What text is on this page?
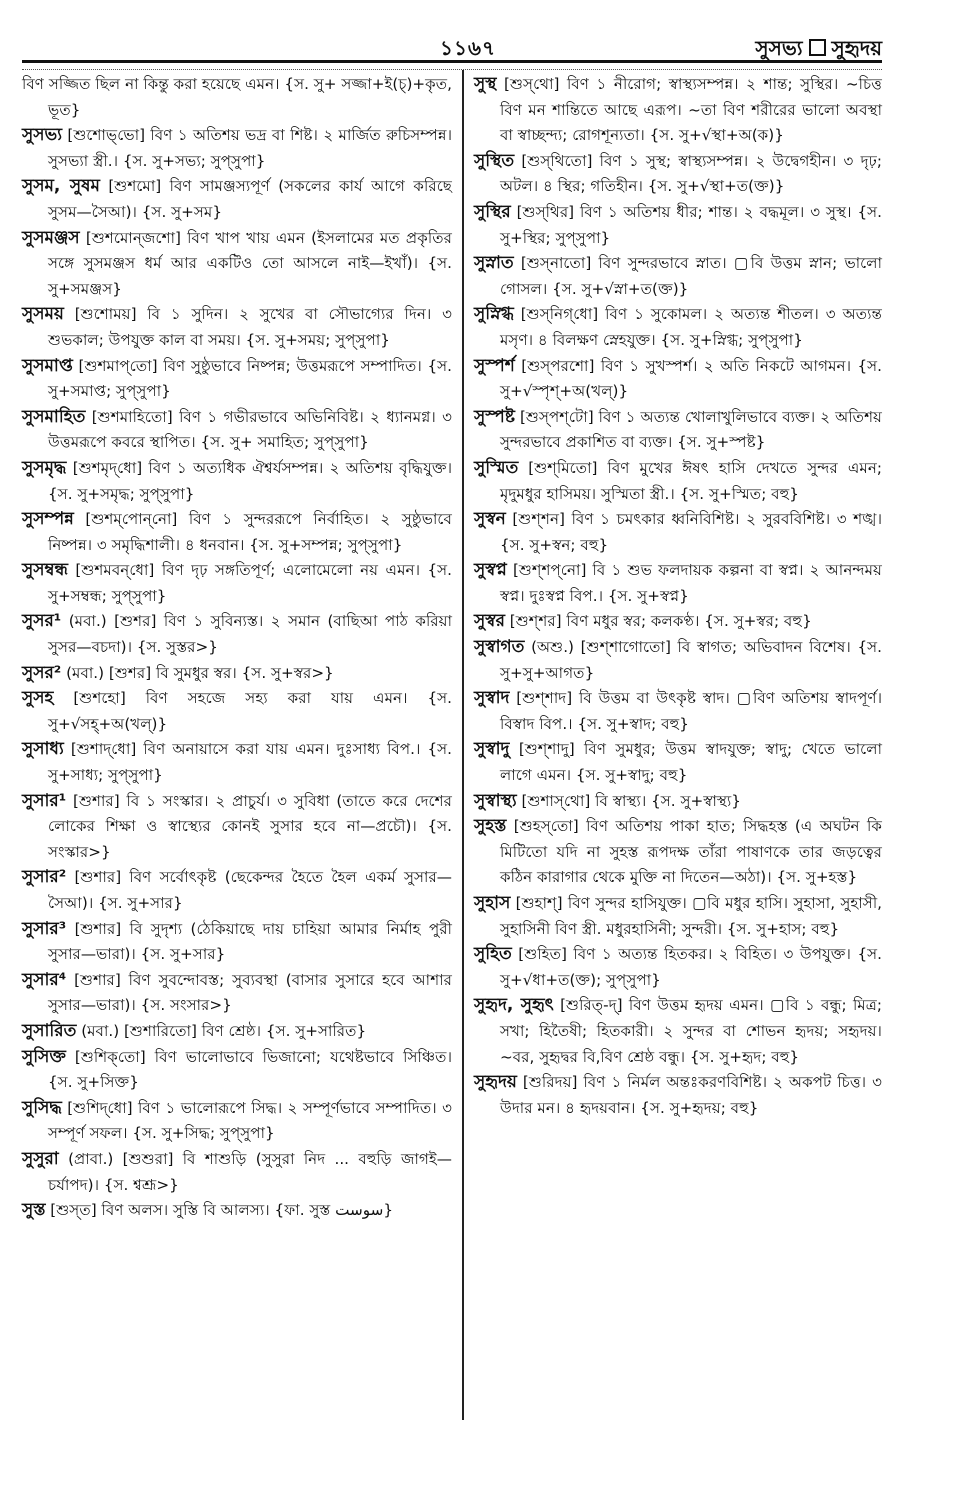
১১৬৭	সুসভ্য সুহৃদয়
বিণ সজ্জিত ছিল না কিন্তু করা হয়েছে এমন। {স. সু+ সজ্জা+ই(চ্)+কৃত, ভূত}
সুসভ্য [শুশোভ্‌ভো] বিণ ১ অতিশয় ভদ্র বা শিষ্ট। ২ মার্জিত রুচিসম্পন্ন। সুসভ্যা স্ত্রী.। {স. সু+সভ্য; সুপ্‌সুপা}
সুসম, সুষম [শুশমো] বিণ সামঞ্জস্যপূর্ণ (সকলের কার্য আগে করিছে সুসম—সৈআ)। {স. সু+সম}
সুসমঞ্জস [শুশমোন্‌জশো] বিণ খাপ খায় এমন (ইসলামের মত প্রকৃতির সঙ্গে সুসমঞ্জস ধর্ম আর একটিও তো আসলে নাই—ইখাঁ)। {স. সু+সমঞ্জস}
সুসময় [শুশোময়] বি ১ সুদিন। ২ সুখের বা সৌভাগ্যের দিন। ৩ শুভকাল; উপযুক্ত কাল বা সময়। {স. সু+সময়; সুপ্‌সুপা}
সুসমাপ্ত [শুশমাপ্‌তো] বিণ সুষ্ঠুভাবে নিষ্পন্ন; উত্তমরূপে সম্পাদিত। {স. সু+সমাপ্ত; সুপ্‌সুপা}
সুসমাহিত [শুশমাহিতো] বিণ ১ গভীরভাবে অভিনিবিষ্ট। ২ ধ্যানমগ্ন। ৩ উত্তমরূপে কবরে স্থাপিত। {স. সু+ সমাহিত; সুপ্‌সুপা}
সুসমৃদ্ধ [শুশমৃদ্‌ধো] বিণ ১ অত্যধিক ঐশ্বর্যসম্পন্ন। ২ অতিশয় বৃদ্ধিযুক্ত। {স. সু+সমৃদ্ধ; সুপ্‌সুপা}
সুসম্পন্ন [শুশম্‌পোন্‌নো] বিণ ১ সুন্দররূপে নির্বাহিত। ২ সুষ্ঠুভাবে নিষ্পন্ন। ৩ সমৃদ্ধিশালী। ৪ ধনবান। {স. সু+সম্পন্ন; সুপ্‌সুপা}
সুসম্বন্ধ [শুশমবন্‌ধো] বিণ দৃঢ় সঙ্গতিপূর্ণ; এলোমেলো নয় এমন। {স. সু+সম্বন্ধ; সুপ্‌সুপা}
সুসর¹ (মবা.) [শুশর] বিণ ১ সুবিন্যস্ত। ২ সমান (বাছিআ পাঠ করিয়া সুসর—বচদা)। {স. সুস্তর>}
সুসর² (মবা.) [শুশর] বি সুমধুর স্বর। {স. সু+স্বর>}
সুসহ [শুশহো] বিণ সহজে সহ্য করা যায় এমন। {স. সু+√সহ্‌+অ(খল্)}
সুসাধ্য [শুশাদ্‌ধো] বিণ অনায়াসে করা যায় এমন। দুঃসাধ্য বিপ.। {স. সু+সাধ্য; সুপ্‌সুপা}
সুসার¹ [শুশার] বি ১ সংস্কার। ২ প্রাচুর্য। ৩ সুবিধা (তাতে করে দেশের লোকের শিক্ষা ও স্বাস্থ্যের কোনই সুসার হবে না—প্রচৌ)। {স. সংস্কার>}
সুসার² [শুশার] বিণ সর্বোৎকৃষ্ট (ছেকেন্দর হৈতে হৈল একর্ম সুসার—সৈআ)। {স. সু+সার}
সুসার³ [শুশার] বি সুদৃশ্য (ঠেকিয়াছে দায় চাহিয়া আমার নির্মাহ পুরী সুসার—ভারা)। {স. সু+সার}
সুসার⁴ [শুশার] বিণ সুবন্দোবস্ত; সুব্যবস্থা (বাসার সুসারে হবে আশার সুসার—ভারা)। {স. সংসার>}
সুসারিত (মবা.) [শুশারিতো] বিণ শ্রেষ্ঠ। {স. সু+সারিত}
সুসিক্ত [শুশিক্‌তো] বিণ ভালোভাবে ভিজানো; যথেষ্টভাবে সিঞ্চিত। {স. সু+সিক্ত}
সুসিদ্ধ [শুশিদ্‌ধো] বিণ ১ ভালোরূপে সিদ্ধ। ২ সম্পূর্ণভাবে সম্পাদিত। ৩ সম্পূর্ণ সফল। {স. সু+সিদ্ধ; সুপ্‌সুপা}
সুসুরা (প্রাবা.) [শুশুরা] বি শাশুড়ি (সুসুরা নিদ ... বহুড়ি জাগই—চর্যাপদ)। {স. শ্বশ্রূ>}
সুস্ত [শুস্‌ত] বিণ অলস। সুস্তি বি আলস্য। {ফা. সুস্ত سوست}
সুস্থ [শুস্‌থো] বিণ ১ নীরোগ; স্বাস্থ্যসম্পন্ন। ২ শান্ত; সুস্থির। ~চিত্ত বিণ মন শান্তিতে আছে এরূপ। ~তা বিণ শরীরের ভালো অবস্থা বা স্বাচ্ছন্দ্য; রোগশূন্যতা। {স. সু+√স্থা+অ(ক)}
সুস্থিত [শুস্‌থিতো] বিণ ১ সুস্থ; স্বাস্থ্যসম্পন্ন। ২ উদ্বেগহীন। ৩ দৃঢ়; অটল। ৪ স্থির; গতিহীন। {স. সু+√স্থা+ত(ক্ত)}
সুস্থির [শুস্‌থির] বিণ ১ অতিশয় ধীর; শান্ত। ২ বদ্ধমূল। ৩ সুস্থ। {স. সু+স্থির; সুপ্‌সুপা}
সুস্নাত [শুস্‌নাতো] বিণ সুন্দরভাবে স্নাত। ▢বি উত্তম স্নান; ভালো গোসল। {স. সু+√স্না+ত(ক্ত)}
সুস্নিগ্ধ [শুস্‌নিগ্‌ধো] বিণ ১ সুকোমল। ২ অত্যন্ত শীতল। ৩ অত্যন্ত মসৃণ। ৪ বিলক্ষণ স্নেহযুক্ত। {স. সু+স্নিগ্ধ; সুপ্‌সুপা}
সুস্পর্শ [শুস্‌পরশো] বিণ ১ সুখস্পর্শ। ২ অতি নিকটে আগমন। {স. সু+√স্পৃশ্‌+অ(খল্)}
সুস্পষ্ট [শুস্‌পশ্‌টো] বিণ ১ অত্যন্ত খোলাখুলিভাবে ব্যক্ত। ২ অতিশয় সুন্দরভাবে প্রকাশিত বা ব্যক্ত। {স. সু+স্পষ্ট}
সুস্মিত [শুশ্‌মিতো] বিণ মুখের ঈষৎ হাসি দেখতে সুন্দর এমন; মৃদুমধুর হাসিময়। সুস্মিতা স্ত্রী.। {স. সু+স্মিত; বহু}
সুস্বন [শুশ্‌শন] বিণ ১ চমৎকার ধ্বনিবিশিষ্ট। ২ সুরববিশিষ্ট। ৩ শঙ্খ। {স. সু+স্বন; বহু}
সুস্বপ্ন [শুশ্‌শপ্‌নো] বি ১ শুভ ফলদায়ক কল্পনা বা স্বপ্ন। ২ আনন্দময় স্বপ্ন। দুঃস্বপ্ন বিপ.। {স. সু+স্বপ্ন}
সুস্বর [শুশ্‌শর] বিণ মধুর স্বর; কলকণ্ঠ। {স. সু+স্বর; বহু}
সুস্বাগত (অশু.) [শুশ্‌শাগোতো] বি স্বাগত; অভিবাদন বিশেষ। {স. সু+সু+আগত}
সুস্বাদ [শুশ্‌শাদ] বি উত্তম বা উৎকৃষ্ট স্বাদ। ▢বিণ অতিশয় স্বাদপূর্ণ। বিস্বাদ বিপ.। {স. সু+স্বাদ; বহু}
সুস্বাদু [শুশ্‌শাদু] বিণ সুমধুর; উত্তম স্বাদযুক্ত; স্বাদু; খেতে ভালো লাগে এমন। {স. সু+স্বাদু; বহু}
সুস্বাস্থ্য [শুশাস্‌থো] বি স্বাস্থ্য। {স. সু+স্বাস্থ্য}
সুহস্ত [শুহস্‌তো] বিণ অতিশয় পাকা হাত; সিদ্ধহস্ত (এ অঘটন কি মিটিতো যদি না সুহস্ত রূপদক্ষ তাঁরা পাষাণকে তার জড়ত্বের কঠিন কারাগার থেকে মুক্তি না দিতেন—অঠা)। {স. সু+হস্ত}
সুহাস [শুহাশ্‌] বিণ সুন্দর হাসিযুক্ত। ▢বি মধুর হাসি। সুহাসা, সুহাসী, সুহাসিনী বিণ স্ত্রী. মধুরহাসিনী; সুন্দরী। {স. সু+হাস; বহু}
সুহিত [শুহিত] বিণ ১ অত্যন্ত হিতকর। ২ বিহিত। ৩ উপযুক্ত। {স. সু+√ধা+ত(ক্ত); সুপ্‌সুপা}
সুহৃদ, সুহৃৎ [শুরিত্‌-দ্‌] বিণ উত্তম হৃদয় এমন। ▢বি ১ বন্ধু; মিত্র; সখা; হিতৈষী; হিতকারী। ২ সুন্দর বা শোভন হৃদয়; সহৃদয়। ~বর, সুহৃদ্বর বি,বিণ শ্রেষ্ঠ বন্ধু। {স. সু+হৃদ; বহু}
সুহৃদয় [শুরিদয়] বিণ ১ নির্মল অন্তঃকরণবিশিষ্ট। ২ অকপট চিত্ত। ৩ উদার মন। ৪ হৃদয়বান। {স. সু+হৃদয়; বহু}
